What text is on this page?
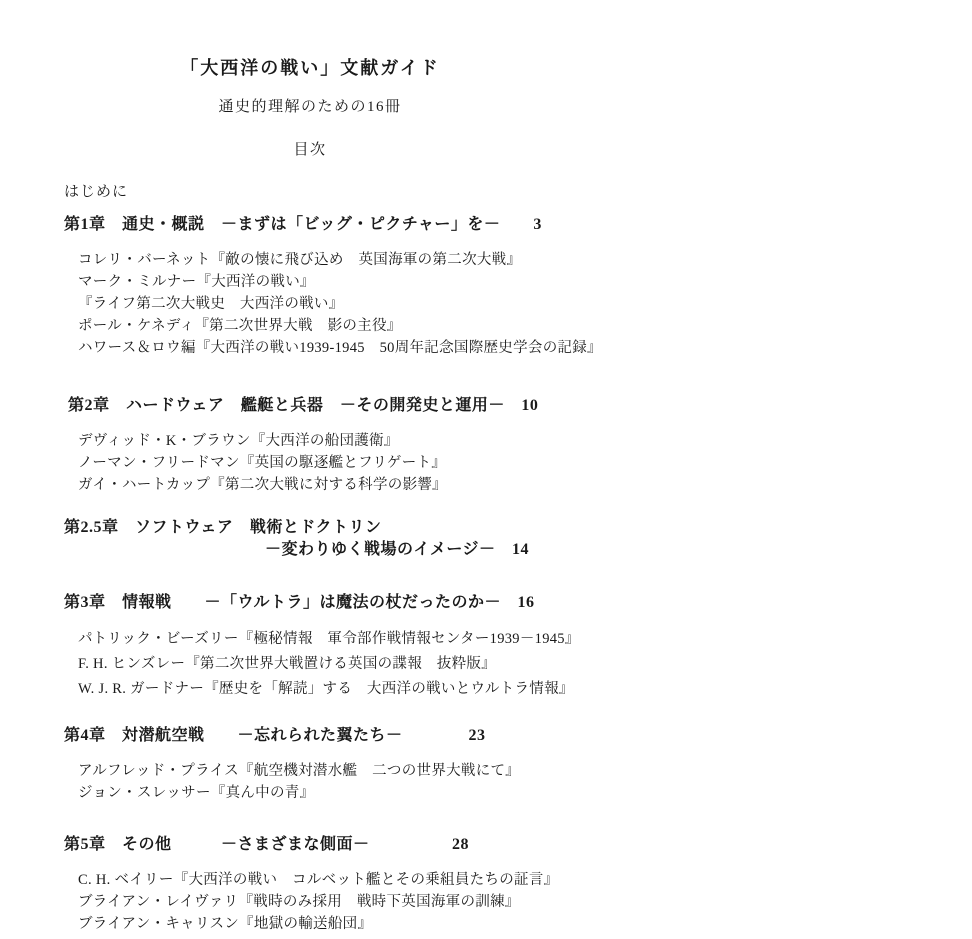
「大西洋の戦い」文献ガイド
通史的理解のための16冊
目次
はじめに
第1章　通史・概説　－まずは「ビッグ・ピクチャー」を－　　3
コレリ・バーネット『敵の懐に飛び込め　英国海軍の第二次大戦』
マーク・ミルナー『大西洋の戦い』
『ライフ第二次大戦史　大西洋の戦い』
ポール・ケネディ『第二次世界大戦　影の主役』
ハワース＆ロウ編『大西洋の戦い1939-1945　50周年記念国際歴史学会の記録』
第2章　ハードウェア　艦艇と兵器　－その開発史と運用－　10
デヴィッド・K・ブラウン『大西洋の船団護衛』
ノーマン・フリードマン『英国の駆逐艦とフリゲート』
ガイ・ハートカップ『第二次大戦に対する科学の影響』
第2.5章　ソフトウェア　戦術とドクトリン
－変わりゆく戦場のイメージ－　14
第3章　情報戦　　－「ウルトラ」は魔法の杖だったのか－　16
パトリック・ビーズリー『極秘情報　軍令部作戦情報センター1939－1945』
F. H. ヒンズレー『第二次世界大戦置ける英国の諜報　抜粋版』
W. J. R. ガードナー『歴史を「解読」する　大西洋の戦いとウルトラ情報』
第4章　対潜航空戦　　－忘れられた翼たち－　　　　23
アルフレッド・プライス『航空機対潜水艦　二つの世界大戦にて』
ジョン・スレッサー『真ん中の青』
第5章　その他　　　－さまざまな側面－　　　　　28
C. H. ベイリー『大西洋の戦い　コルベット艦とその乗組員たちの証言』
ブライアン・レイヴァリ『戦時のみ採用　戦時下英国海軍の訓練』
ブライアン・キャリスン『地獄の輸送船団』
